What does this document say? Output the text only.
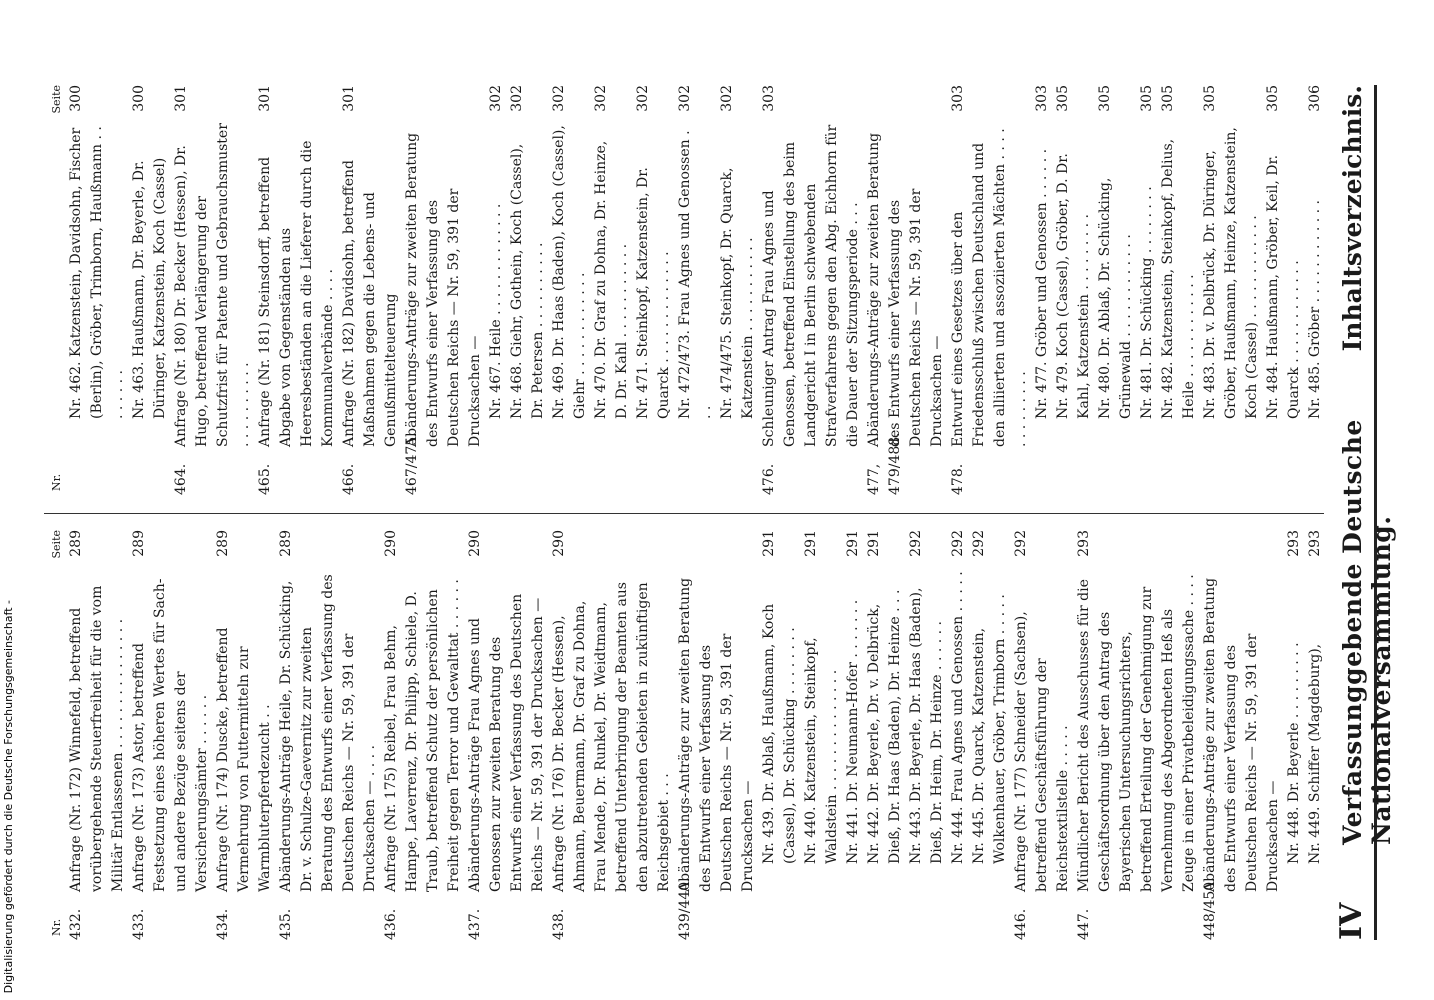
IV
Verfassunggebende Deutsche Nationalversammlung.
Inhaltsverzeichnis.
Nr.
Seite
432.
Anfrage (Nr. 172) Winnefeld, betreffend vorübergehende Steuerfreiheit für die vom Militär Entlassenen . . . . . . . . . . . . . . .
289
433.
Anfrage (Nr. 173) Astor, betreffend Festsetzung eines höheren Wertes für Sach- und andere Bezüge seitens der Versicherungsämter . . . . . .
289
434.
Anfrage (Nr. 174) Duscke, betreffend Vermehrung von Futtermitteln zur Warmbluterpferdezucht . .
289
435.
Abänderungs-Anträge Heile, Dr. Schücking, Dr. v. Schulze-Gaevernitz zur zweiten Beratung des Entwurfs einer Verfassung des Deutschen Reichs — Nr. 59, 391 der Drucksachen — . . . .
289
436.
Anfrage (Nr. 175) Reibel, Frau Behm, Hampe, Laverrenz, Dr. Philipp, Schiele, D. Traub, betreffend Schutz der persönlichen Freiheit gegen Terror und Gewalttat . . . . . .
290
437.
Abänderungs-Anträge Frau Agnes und Genossen zur zweiten Beratung des Entwurfs einer Verfassung des Deutschen Reichs — Nr. 59, 391 der Drucksachen —
290
438.
Anfrage (Nr. 176) Dr. Becker (Hessen), Ahmann, Beuermann, Dr. Graf zu Dohna, Frau Mende, Dr. Runkel, Dr. Weidtmann, betreffend Unterbringung der Beamten aus den abzutretenden Gebieten in zukünftigen Reichsgebiet . . .
290
439/440.
Abänderungs-Anträge zur zweiten Beratung des Entwurfs einer Verfassung des Deutschen Reichs — Nr. 59, 391 der Drucksachen — Nr. 439. Dr. Ablaß, Haußmann, Koch (Cassel), Dr. Schücking . . . . . . . .
291
Nr. 440. Katzenstein, Steinkopf, Waldstein . . . . . . . . . . . . . .
291
Nr. 441. Dr. Neumann-Hofer . . . . . . .
291
Nr. 442. Dr. Beyerle, Dr. v. Delbrück, Dieß, Dr. Haas (Baden), Dr. Heinze . . .
291
Nr. 443. Dr. Beyerle, Dr. Haas (Baden), Dieß, Dr. Heim, Dr. Heinze . . . . . .
292
Nr. 444. Frau Agnes und Genossen . . . . .
292
Nr. 445. Dr. Quarck, Katzenstein, Wolkenhauer, Gröber, Trimborn . . . . .
292
446.
Anfrage (Nr. 177) Schneider (Sachsen), betreffend Geschäftsführung der Reichstextilstelle . . . . .
292
447.
Mündlicher Bericht des Ausschusses für die Geschäftsordnung über den Antrag des Bayerischen Untersuchungsrichters, betreffend Erteilung der Genehmigung zur Vernehmung des Abgeordneten Heß als Zeuge in einer Privatbeleidigungssache . . . .
293
448/450.
Abänderungs-Anträge zur zweiten Beratung des Entwurfs einer Verfassung des Deutschen Reichs — Nr. 59, 391 der Drucksachen — Nr. 448. Dr. Beyerle . . . . . . . . .
293
Nr. 449. Schiffer (Magdeburg),
293
Nr.
Seite
Nr. 462. Katzenstein, Davidsohn, Fischer (Berlin), Gröber, Trimborn, Haußmann . . . . . . . .
300
Nr. 463. Haußmann, Dr. Beyerle, Dr. Düringer, Katzenstein, Koch (Cassel)
300
464.
Anfrage (Nr. 180) Dr. Becker (Hessen), Dr. Hugo, betreffend Verlängerung der Schutzfrist für Patente und Gebrauchsmuster . . . . . . . . . .
301
465.
Anfrage (Nr. 181) Steinsdorff, betreffend Abgabe von Gegenständen aus Heeresbeständen an die Lieferer durch die Kommunalverbände . . . .
301
466.
Anfrage (Nr. 182) Davidsohn, betreffend Maßnahmen gegen die Lebens- und Genußmittelteuerung
301
467/475.
Abänderungs-Anträge zur zweiten Beratung des Entwurfs einer Verfassung des Deutschen Reichs — Nr. 59, 391 der Drucksachen — Nr. 467. Heile . . . . . . . . . . . . .
302
Nr. 468. Giehr, Gothein, Koch (Cassel), Dr. Petersen . . . . . . . . . .
302
Nr. 469. Dr. Haas (Baden), Koch (Cassel), Giehr . . . . . . . . . . . .
302
Nr. 470. Dr. Graf zu Dohna, Dr. Heinze, D. Dr. Kahl . . . . . . . . . . .
302
Nr. 471. Steinkopf, Katzenstein, Dr. Quarck . . . . . . . . . . . . .
302
Nr. 472/473. Frau Agnes und Genossen . . .
302
Nr. 474/475. Steinkopf, Dr. Quarck, Katzenstein . . . . . . . . . . .
302
476.
Schleuniger Antrag Frau Agnes und Genossen, betreffend Einstellung des beim Landgericht I in Berlin schwebenden Strafverfahrens gegen den Abg. Eichhorn für die Dauer der Sitzungsperiode . . .
303
477, 479/488.
Abänderungs-Anträge zur zweiten Beratung des Entwurfs einer Verfassung des Deutschen Reichs — Nr. 59, 391 der Drucksachen —
478.
Entwurf eines Gesetzes über den Friedensschluß zwischen Deutschland und den alliierten und assoziierten Mächten . . . . . . . . . . . . .
303
Nr. 477. Gröber und Genossen . . . . . .
303
Nr. 479. Koch (Cassel), Gröber, D. Dr. Kahl, Katzenstein . . . . . . . . .
305
Nr. 480. Dr. Ablaß, Dr. Schücking, Grünewald . . . . . . . . . . . .
305
Nr. 481. Dr. Schücking . . . . . . . .
305
Nr. 482. Katzenstein, Steinkopf, Delius, Heile . . . . . . . . . . . .
305
Nr. 483. Dr. v. Delbrück, Dr. Düringer, Gröber, Haußmann, Heinze, Katzenstein, Koch (Cassel) . . . . . . . . . . . .
305
Nr. 484. Haußmann, Gröber, Keil, Dr. Quarck . . . . . . . . . . . .
305
Nr. 485. Gröber . . . . . . . . . . . .
306
Digitalisierung gefördert durch die Deutsche Forschungsgemeinschaft -
